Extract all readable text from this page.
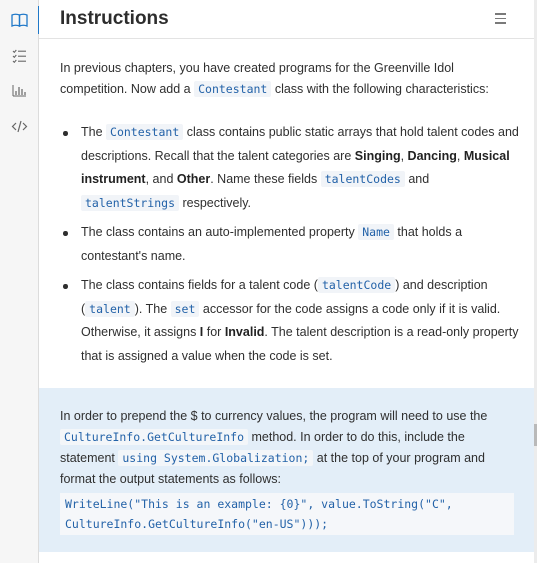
Instructions

In previous chapters, you have created programs for the Greenville Idol competition. Now add a Contestant class with the following characteristics:

The Contestant class contains public static arrays that hold talent codes and descriptions. Recall that the talent categories are Singing, Dancing, Musical instrument, and Other. Name these fields talentCodes and talentStrings respectively.
The class contains an auto-implemented property Name that holds a contestant's name.
The class contains fields for a talent code ( talentCode ) and description ( talent ). The set accessor for the code assigns a code only if it is valid. Otherwise, it assigns I for Invalid. The talent description is a read-only property that is assigned a value when the code is set.

In order to prepend the $ to currency values, the program will need to use the CultureInfo.GetCultureInfo method. In order to do this, include the statement using System.Globalization; at the top of your program and format the output statements as follows:

WriteLine("This is an example: {0}", value.ToString("C",
CultureInfo.GetCultureInfo("en-US")));
